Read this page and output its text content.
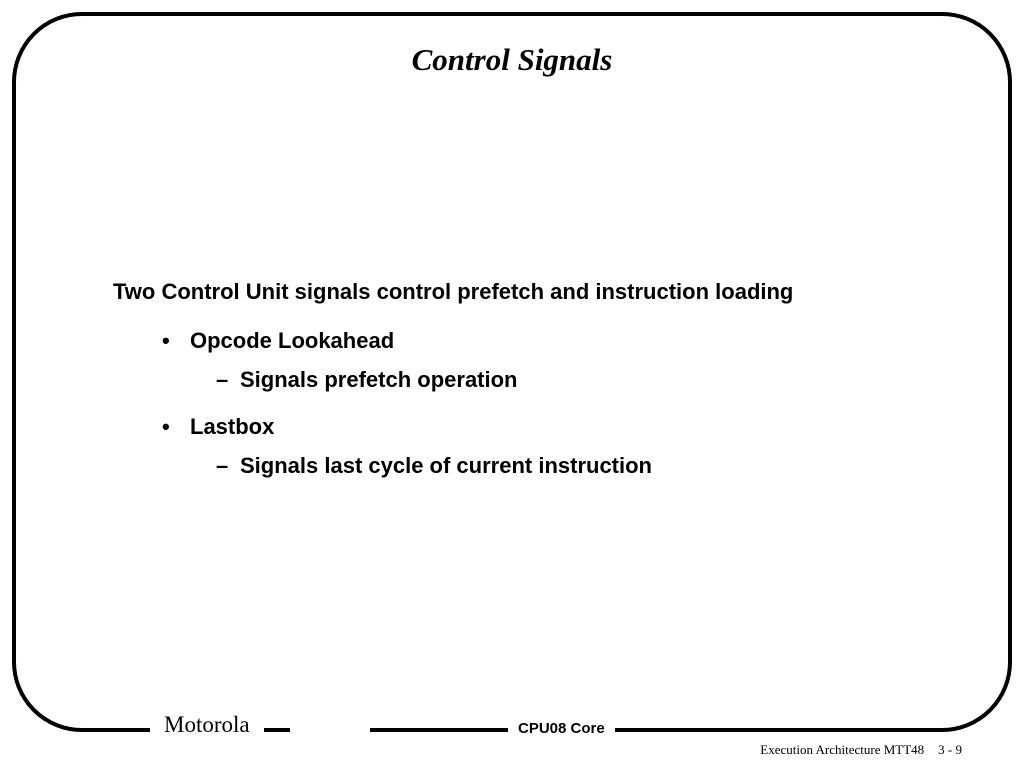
Control Signals
Two Control Unit signals control prefetch and instruction loading
• Opcode Lookahead
– Signals prefetch operation
• Lastbox
– Signals last cycle of current instruction
Motorola	CPU08 Core
Execution Architecture MTT48 3 - 9
